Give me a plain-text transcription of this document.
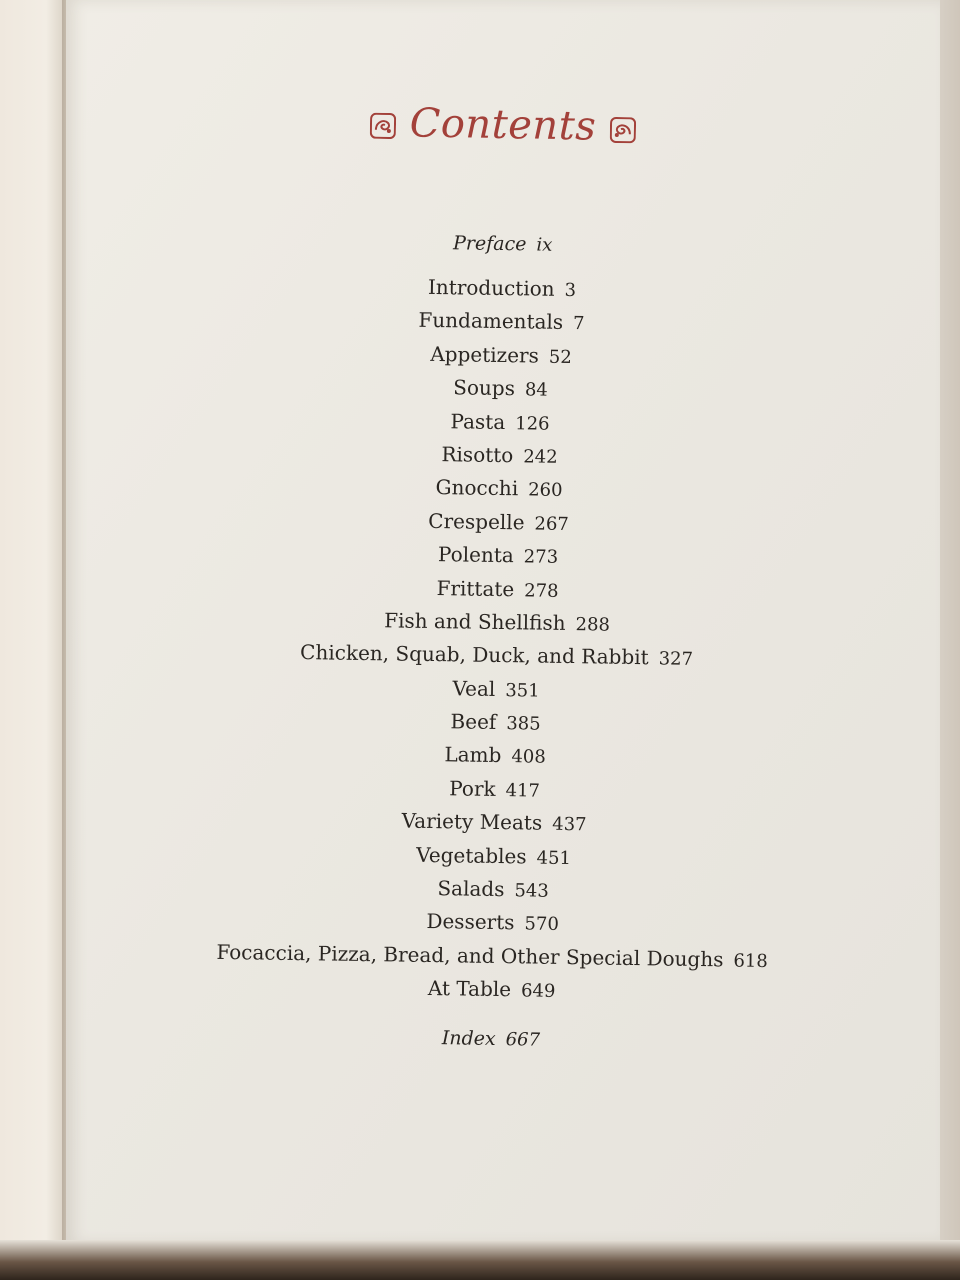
Contents
Preface ix
Introduction 3
Fundamentals 7
Appetizers 52
Soups 84
Pasta 126
Risotto 242
Gnocchi 260
Crespelle 267
Polenta 273
Frittate 278
Fish and Shellfish 288
Chicken, Squab, Duck, and Rabbit 327
Veal 351
Beef 385
Lamb 408
Pork 417
Variety Meats 437
Vegetables 451
Salads 543
Desserts 570
Focaccia, Pizza, Bread, and Other Special Doughs 618
At Table 649
Index 667
